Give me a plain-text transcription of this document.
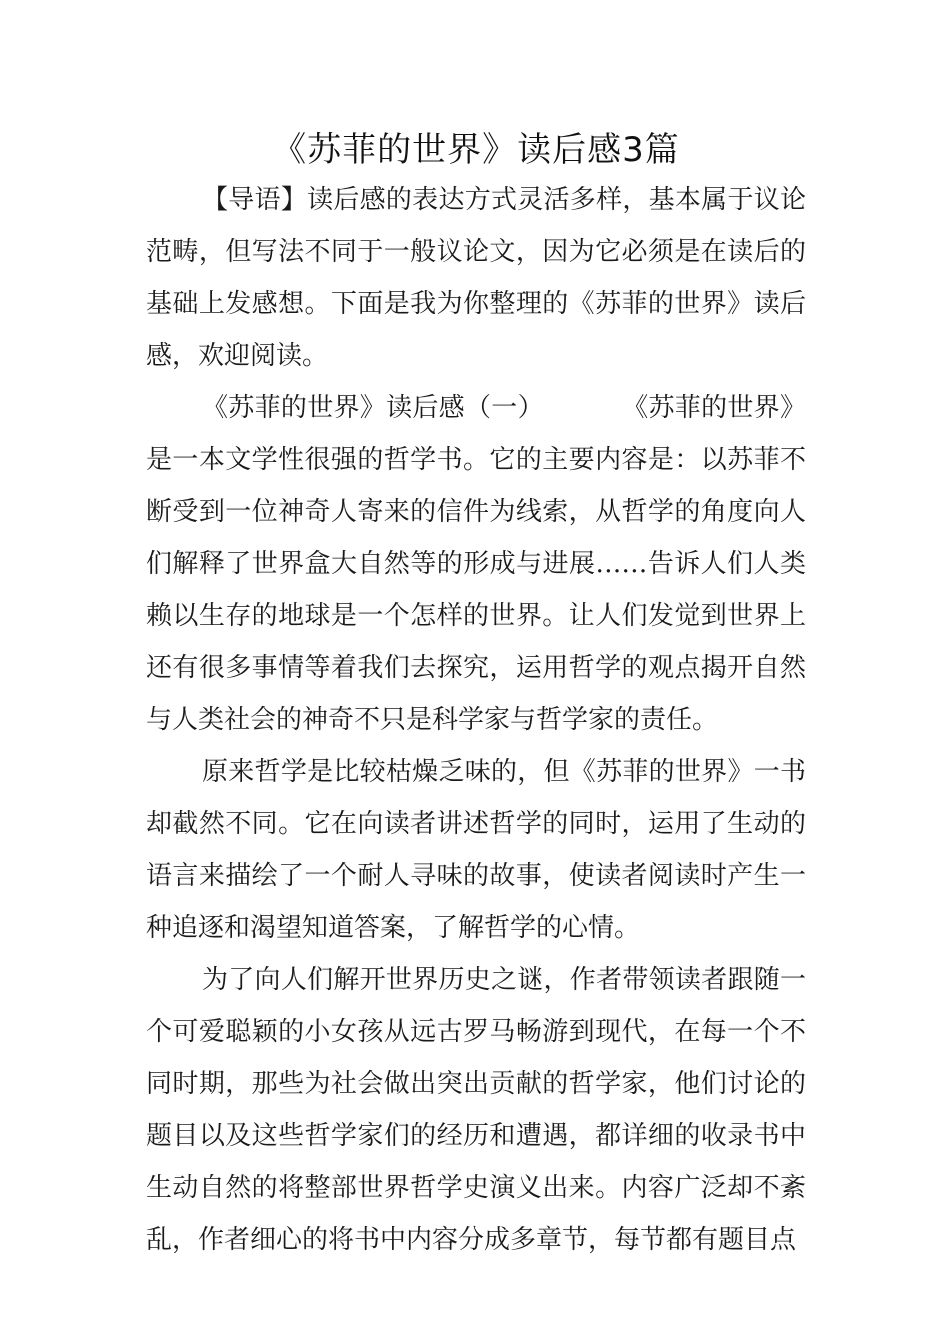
《苏菲的世界》读后感3篇

【导语】读后感的表达方式灵活多样，基本属于议论范畴，但写法不同于一般议论文，因为它必须是在读后的基础上发感想。下面是我为你整理的《苏菲的世界》读后感，欢迎阅读。

《苏菲的世界》读后感（一）	《苏菲的世界》是一本文学性很强的哲学书。它的主要内容是：以苏菲不断受到一位神奇人寄来的信件为线索，从哲学的角度向人们解释了世界盒大自然等的形成与进展……告诉人们人类赖以生存的地球是一个怎样的世界。让人们发觉到世界上还有很多事情等着我们去探究，运用哲学的观点揭开自然与人类社会的神奇不只是科学家与哲学家的责任。

原来哲学是比较枯燥乏味的，但《苏菲的世界》一书却截然不同。它在向读者讲述哲学的同时，运用了生动的语言来描绘了一个耐人寻味的故事，使读者阅读时产生一种追逐和渴望知道答案，了解哲学的心情。

为了向人们解开世界历史之谜，作者带领读者跟随一个可爱聪颖的小女孩从远古罗马畅游到现代，在每一个不同时期，那些为社会做出突出贡献的哲学家，他们讨论的题目以及这些哲学家们的经历和遭遇，都详细的收录书中生动自然的将整部世界哲学史演义出来。内容广泛却不紊乱，作者细心的将书中内容分成多章节，每节都有题目点
